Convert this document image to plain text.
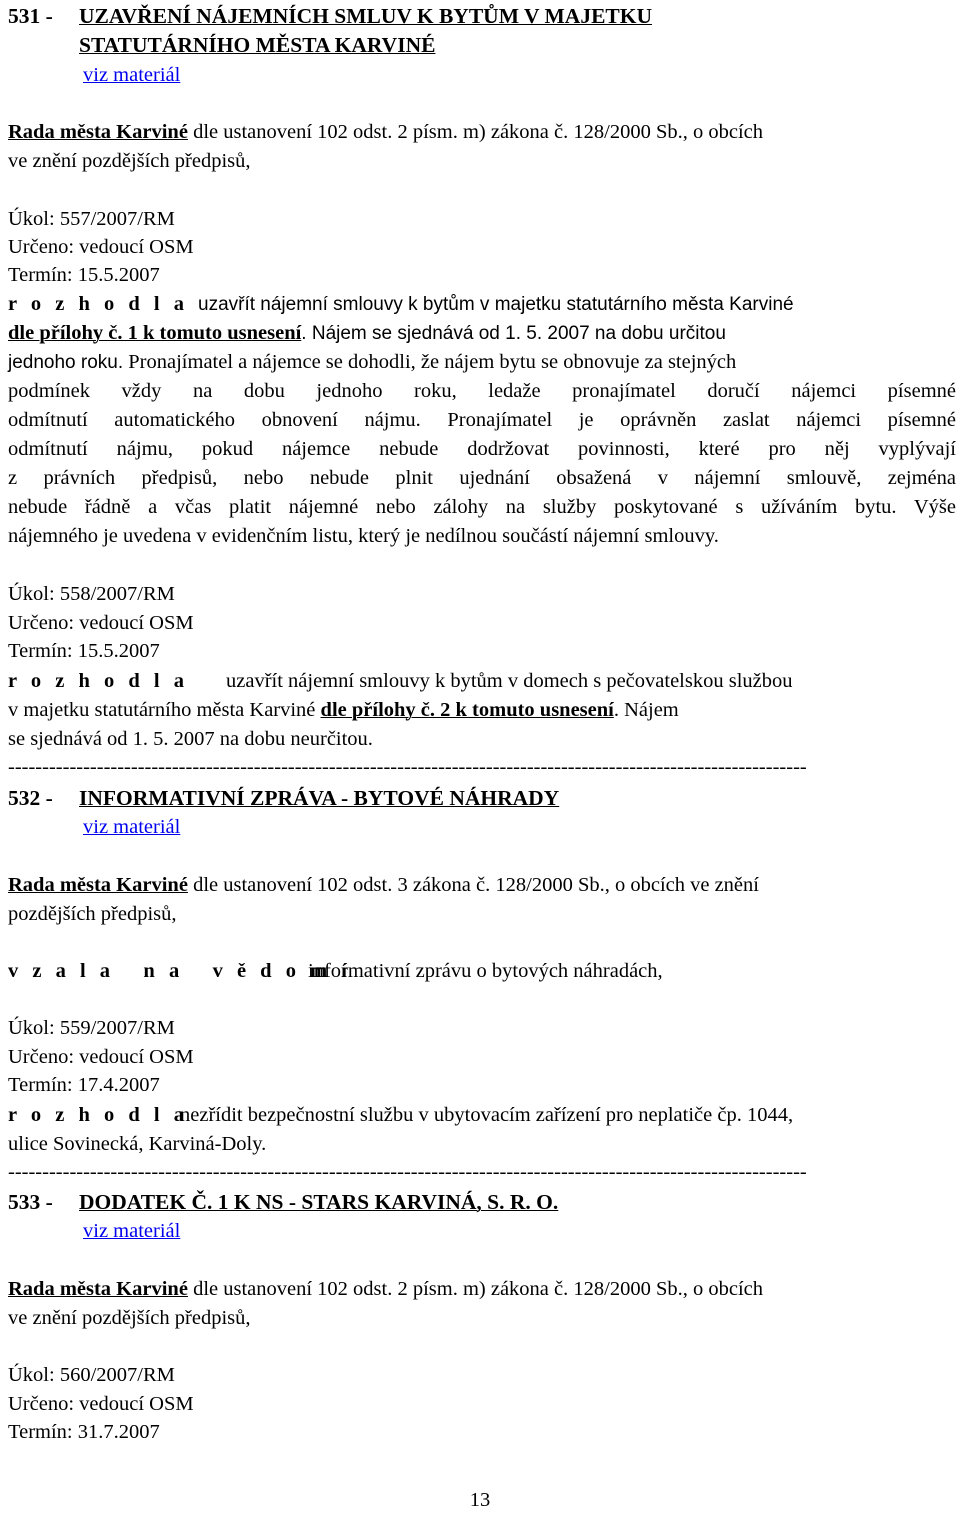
531 - UZAVŘENÍ NÁJEMNÍCH SMLUV K BYTŮM V MAJETKU
STATUTÁRNÍHO MĚSTA KARVINÉ
viz materiál
Rada města Karviné dle ustanovení 102 odst. 2 písm. m) zákona č. 128/2000 Sb., o obcích
ve znění pozdějších předpisů,
Úkol: 557/2007/RM
Určeno: vedoucí OSM
Termín: 15.5.2007
r o z h o d l a uzavřít nájemní smlouvy k bytům v majetku statutárního města Karviné
dle přílohy č. 1 k tomuto usnesení. Nájem se sjednává od 1. 5. 2007 na dobu určitou
jednoho roku. Pronajímatel a nájemce se dohodli, že nájem bytu se obnovuje za stejných
podmínek vždy na dobu jednoho roku, ledaže pronajímatel doručí nájemci písemné
odmítnutí automatického obnovení nájmu. Pronajímatel je oprávněn zaslat nájemci písemné
odmítnutí nájmu, pokud nájemce nebude dodržovat povinnosti, které pro něj vyplývají
z právních předpisů, nebo nebude plnit ujednání obsažená v nájemní smlouvě, zejména
nebude řádně a včas platit nájemné nebo zálohy na služby poskytované s užíváním bytu. Výše
nájemného je uvedena v evidenčním listu, který je nedílnou součástí nájemní smlouvy.
Úkol: 558/2007/RM
Určeno: vedoucí OSM
Termín: 15.5.2007
r o z h o d l a uzavřít nájemní smlouvy k bytům v domech s pečovatelskou službou
v majetku statutárního města Karviné dle přílohy č. 2 k tomuto usnesení. Nájem
se sjednává od 1. 5. 2007 na dobu neurčitou.
---------------------------------------------------------------------------------------------------------------------
532 - INFORMATIVNÍ ZPRÁVA - BYTOVÉ NÁHRADY
viz materiál
Rada města Karviné dle ustanovení 102 odst. 3 zákona č. 128/2000 Sb., o obcích ve znění
pozdějších předpisů,
v z a l a   n a   v ě d o m íinformativní zprávu o bytových náhradách,
Úkol: 559/2007/RM
Určeno: vedoucí OSM
Termín: 17.4.2007
r o z h o d l anezřídit bezpečnostní službu v ubytovacím zařízení pro neplatiče čp. 1044,
ulice Sovinecká, Karviná-Doly.
---------------------------------------------------------------------------------------------------------------------
533 - DODATEK Č. 1 K NS - STARS KARVINÁ, S. R. O.
viz materiál
Rada města Karviné dle ustanovení 102 odst. 2 písm. m) zákona č. 128/2000 Sb., o obcích
ve znění pozdějších předpisů,
Úkol: 560/2007/RM
Určeno: vedoucí OSM
Termín: 31.7.2007
13
